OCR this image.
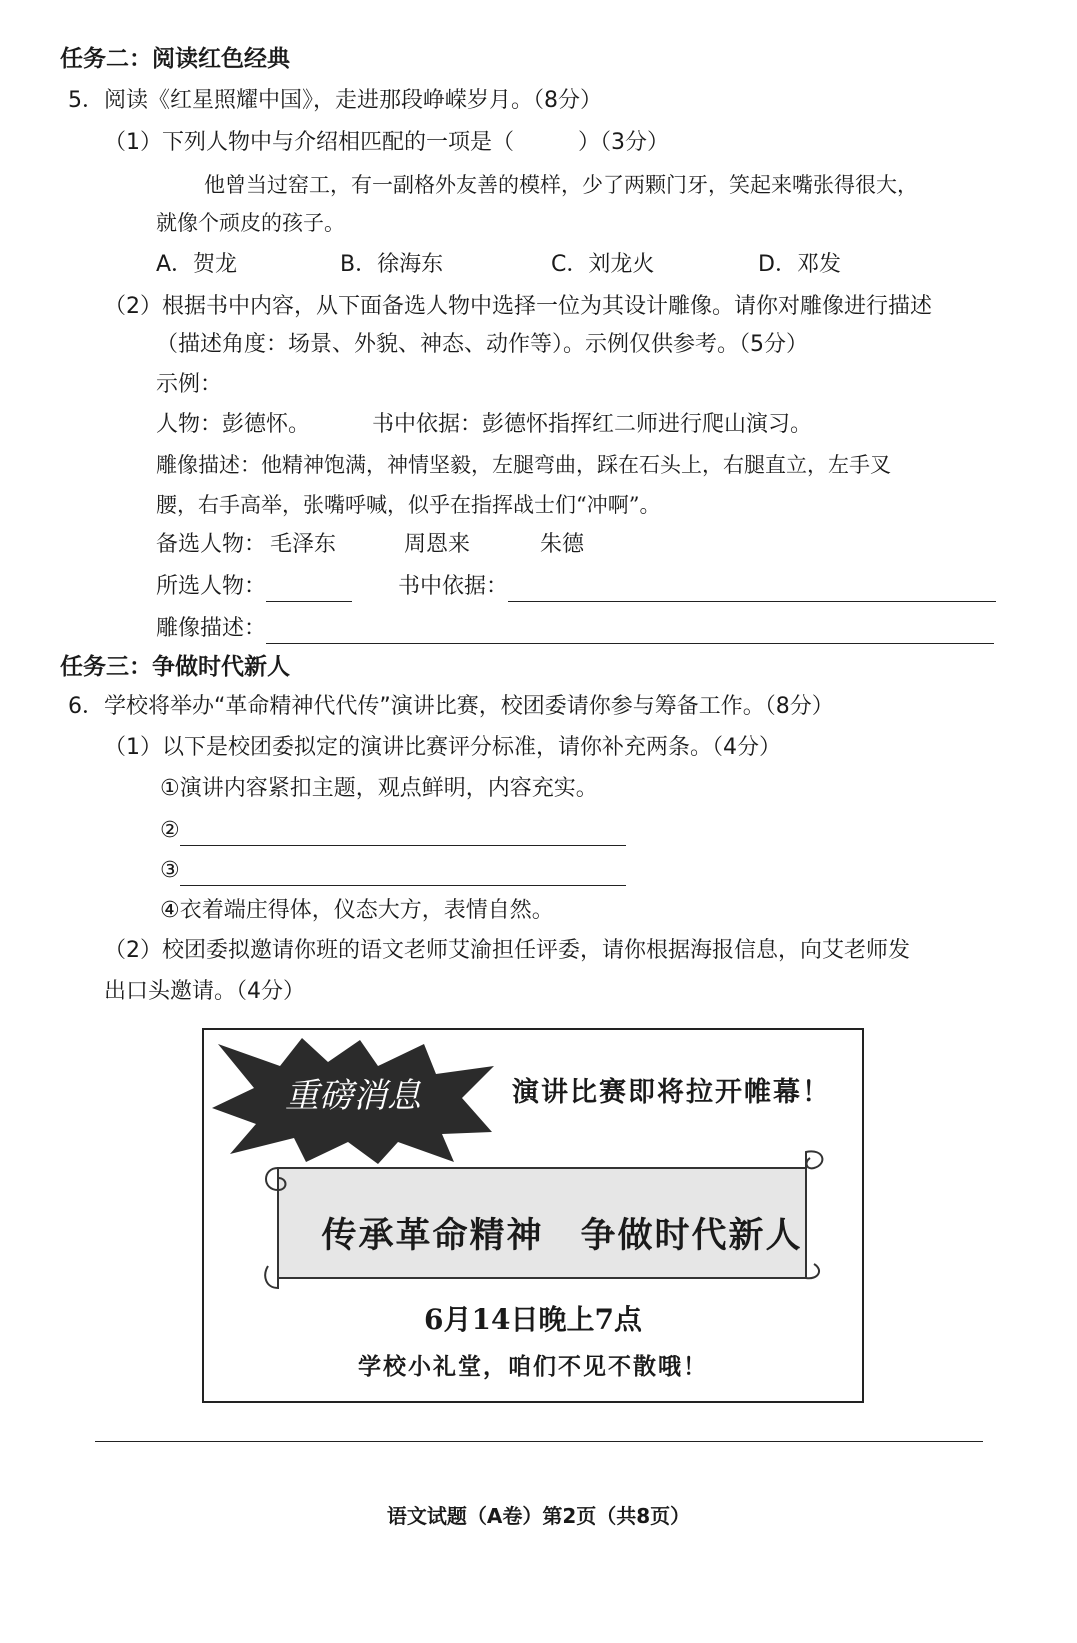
任务二：阅读红色经典
5．阅读《红星照耀中国》，走进那段峥嵘岁月。（8分）
（1）下列人物中与介绍相匹配的一项是（	）（3分）
他曾当过窑工，有一副格外友善的模样，少了两颗门牙，笑起来嘴张得很大，
就像个顽皮的孩子。
A．贺龙	B．徐海东	C．刘龙火	D．邓发
（2）根据书中内容，从下面备选人物中选择一位为其设计雕像。请你对雕像进行描述
（描述角度：场景、外貌、神态、动作等）。示例仅供参考。（5分）
示例：
人物：彭德怀。	书中依据：彭德怀指挥红二师进行爬山演习。
雕像描述：他精神饱满，神情坚毅，左腿弯曲，踩在石头上，右腿直立，左手叉
腰，右手高举，张嘴呼喊，似乎在指挥战士们“冲啊”。
备选人物： 毛泽东	周恩来
所选人物：	书中依据：
雕像描述：
任务三：争做时代新人
6．学校将举办“革命精神代代传”演讲比赛，校团委请你参与筹备工作。（8分）
（1）以下是校团委拟定的演讲比赛评分标准，请你补充两条。（4分）
①演讲内容紧扣主题，观点鲜明，内容充实。
②
③
④衣着端庄得体，仪态大方，表情自然。
（2）校团委拟邀请你班的语文老师艾渝担任评委，请你根据海报信息，向艾老师发
出口头邀请。（4分）
重磅消息	演讲比赛即将拉开帷幕！
传承革命精神　争做时代新人
6月14日晚上7点
学校小礼堂，咱们不见不散哦！
语文试题（A卷）第2页（共8页）
朱德
